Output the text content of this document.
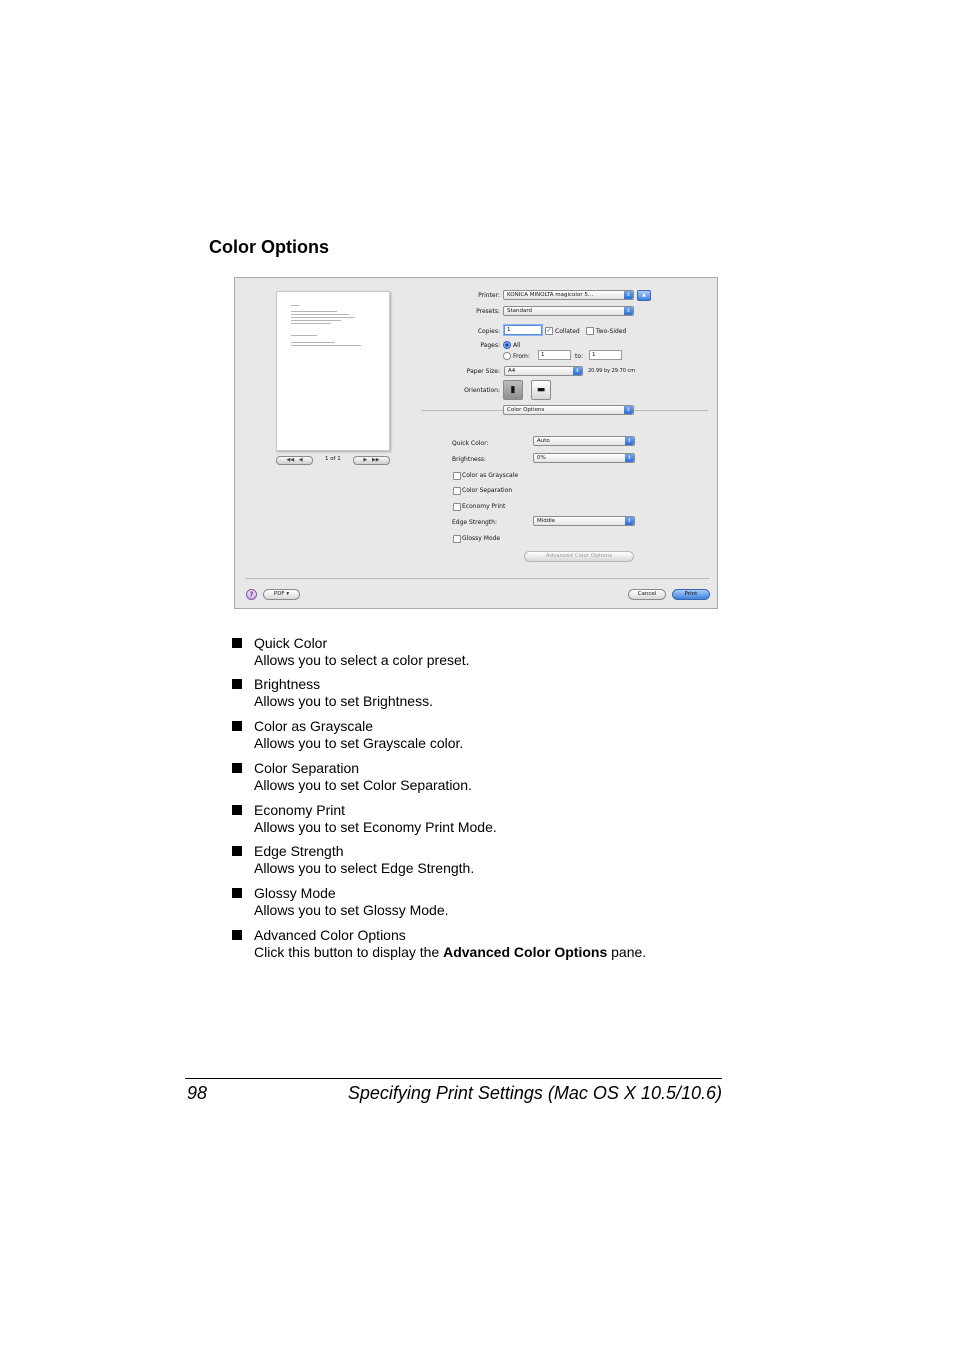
Color Options
◀◀   ◀	1 of 1	▶   ▶▶
Printer:	KONICA MINOLTA magicolor 5...	⇕	▲
Presets:	Standard	⇕
Copies:	1	✓ Collated	Two-Sided
Pages: All
From:	1	to:	1
Paper Size:	A4	⇕	20.99 by 29.70 cm
Orientation:	▮	▬
Color Options	⇕
Quick Color:	Auto	⇕
Brightness:	0%	⇕
Color as Grayscale
Color Separation
Economy Print
Edge Strength:	Middle	⇕
Glossy Mode
Advanced Color Options
?	PDF ▾	Cancel	Print
Quick Color
Allows you to select a color preset.
Brightness
Allows you to set Brightness.
Color as Grayscale
Allows you to set Grayscale color.
Color Separation
Allows you to set Color Separation.
Economy Print
Allows you to set Economy Print Mode.
Edge Strength
Allows you to select Edge Strength.
Glossy Mode
Allows you to set Glossy Mode.
Advanced Color Options
Click this button to display the Advanced Color Options pane.
98	Specifying Print Settings (Mac OS X 10.5/10.6)
